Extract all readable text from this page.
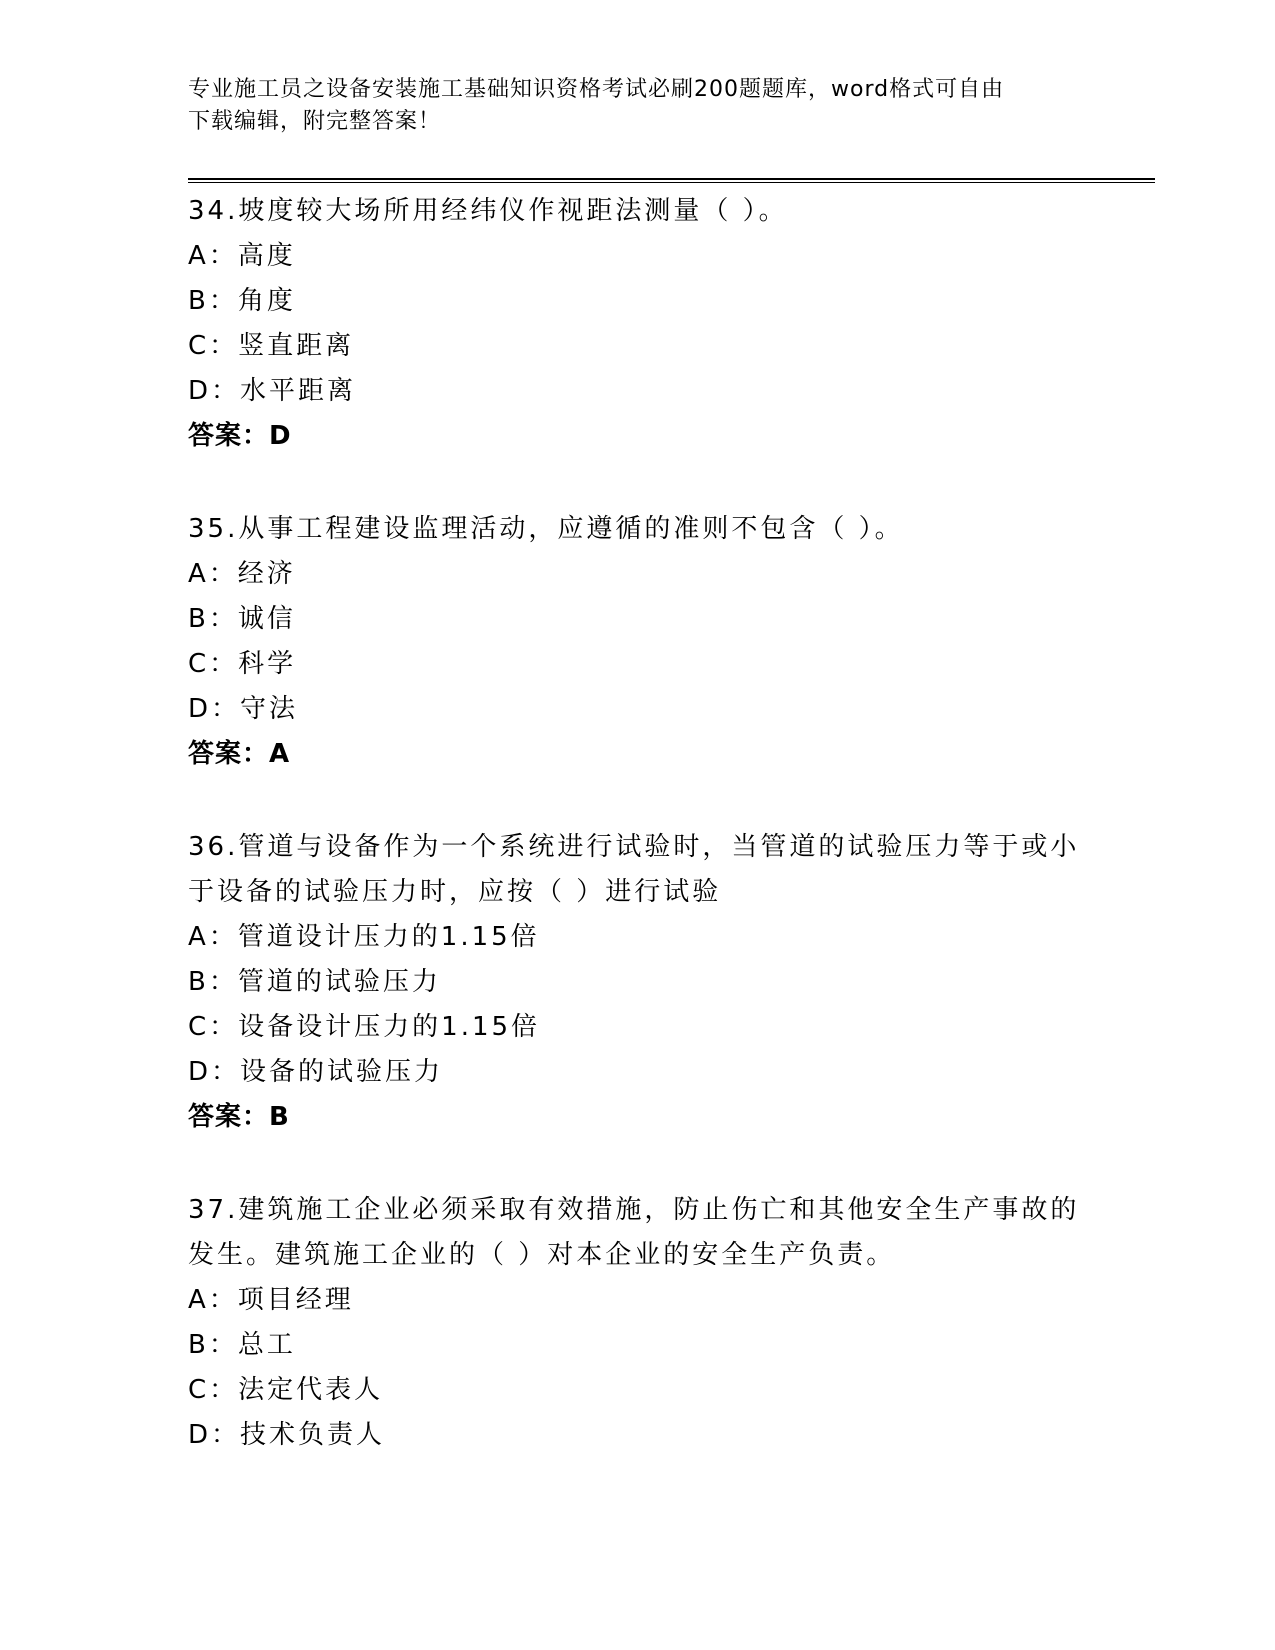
专业施工员之设备安装施工基础知识资格考试必刷200题题库，word格式可自由
下载编辑，附完整答案！
34.坡度较大场所用经纬仪作视距法测量（ ）。
A：高度
B：角度
C：竖直距离
D：水平距离
答案：D
35.从事工程建设监理活动，应遵循的准则不包含（ ）。
A：经济
B：诚信
C：科学
D：守法
答案：A
36.管道与设备作为一个系统进行试验时，当管道的试验压力等于或小
于设备的试验压力时，应按（ ）进行试验
A：管道设计压力的1.15倍
B：管道的试验压力
C：设备设计压力的1.15倍
D：设备的试验压力
答案：B
37.建筑施工企业必须采取有效措施，防止伤亡和其他安全生产事故的
发生。建筑施工企业的（ ）对本企业的安全生产负责。
A：项目经理
B：总工
C：法定代表人
D：技术负责人
